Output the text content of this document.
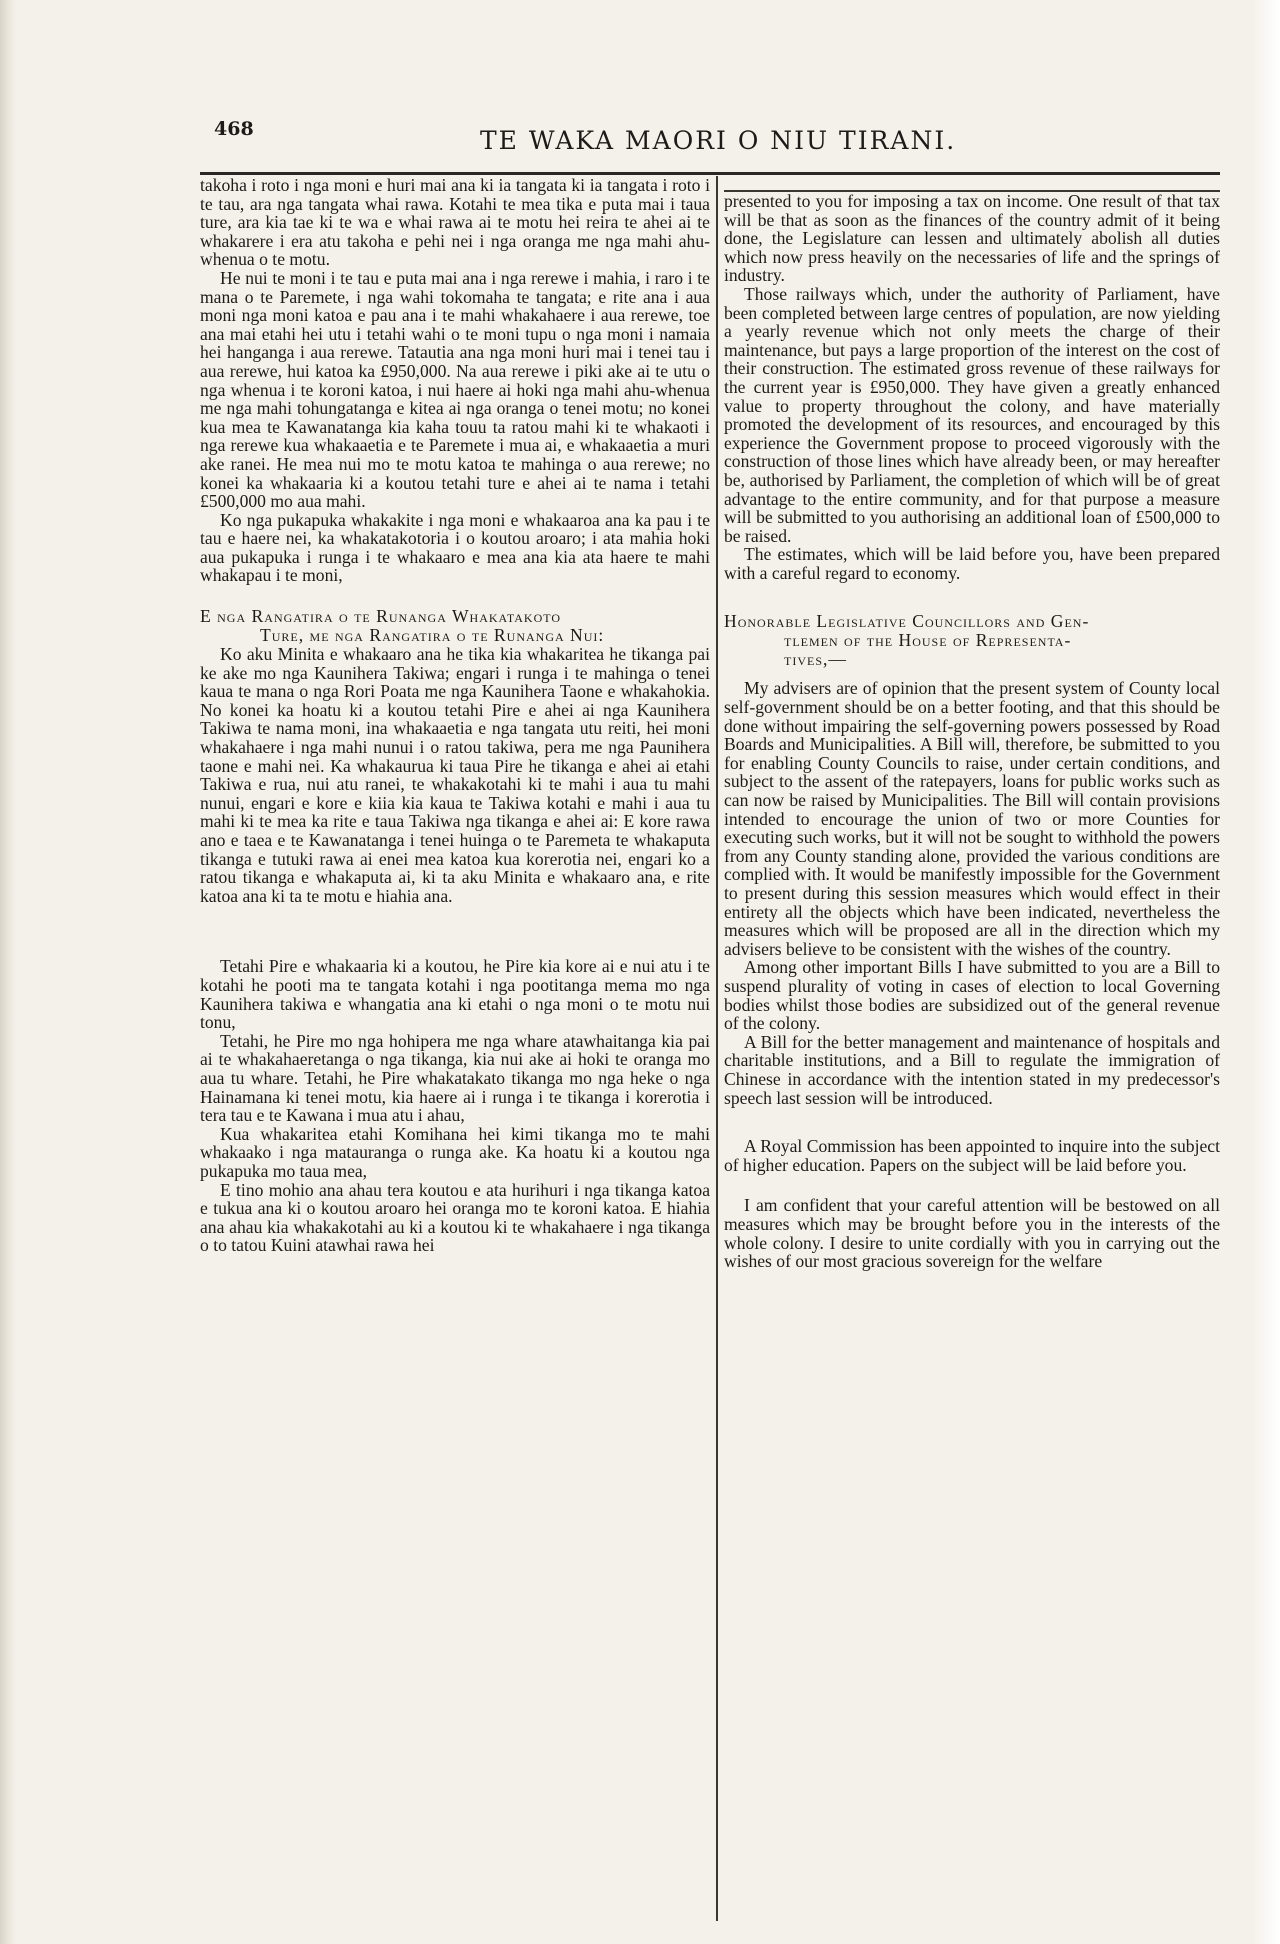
468	TE WAKA MAORI O NIU TIRANI.

takoha i roto i nga moni e huri mai ana ki ia tangata ki ia tangata i roto i te tau, ara nga tangata whai rawa. Kotahi te mea tika e puta mai i taua ture, ara kia tae ki te wa e whai rawa ai te motu hei reira te ahei ai te whakarere i era atu takoha e pehi nei i nga oranga me nga mahi ahu-whenua o te motu.

He nui te moni i te tau e puta mai ana i nga rerewe i mahia, i raro i te mana o te Paremete, i nga wahi tokomaha te tangata; e rite ana i aua moni nga moni katoa e pau ana i te mahi whakahaere i aua rerewe, toe ana mai etahi hei utu i tetahi wahi o te moni tupu o nga moni i namaia hei hanganga i aua rerewe. Tatautia ana nga moni huri mai i tenei tau i aua rerewe, hui katoa ka £950,000. Na aua rerewe i piki ake ai te utu o nga whenua i te koroni katoa, i nui haere ai hoki nga mahi ahu-whenua me nga mahi tohungatanga e kitea ai nga oranga o tenei motu; no konei kua mea te Kawanatanga kia kaha touu ta ratou mahi ki te whakaoti i nga rerewe kua whakaaetia e te Paremete i mua ai, e whakaaetia a muri ake ranei. He mea nui mo te motu katoa te mahinga o aua rerewe; no konei ka whakaaria ki a koutou tetahi ture e ahei ai te nama i tetahi £500,000 mo aua mahi.

Ko nga pukapuka whakakite i nga moni e whakaaroa ana ka pau i te tau e haere nei, ka whakatakotoria i o koutou aroaro; i ata mahia hoki aua pukapuka i runga i te whakaaro e mea ana kia ata haere te mahi whakapau i te moni,

E nga Rangatira o te Runanga Whakatakoto
Ture, me nga Rangatira o te Runanga Nui:

Ko aku Minita e whakaaro ana he tika kia whakaritea he tikanga pai ke ake mo nga Kaunihera Takiwa; engari i runga i te mahinga o tenei kaua te mana o nga Rori Poata me nga Kaunihera Taone e whakahokia. No konei ka hoatu ki a koutou tetahi Pire e ahei ai nga Kaunihera Takiwa te nama moni, ina whakaaetia e nga tangata utu reiti, hei moni whakahaere i nga mahi nunui i o ratou takiwa, pera me nga Paunihera taone e mahi nei. Ka whakaurua ki taua Pire he tikanga e ahei ai etahi Takiwa e rua, nui atu ranei, te whakakotahi ki te mahi i aua tu mahi nunui, engari e kore e kiia kia kaua te Takiwa kotahi e mahi i aua tu mahi ki te mea ka rite e taua Takiwa nga tikanga e ahei ai: E kore rawa ano e taea e te Kawanatanga i tenei huinga o te Paremeta te whakaputa tikanga e tutuki rawa ai enei mea katoa kua korerotia nei, engari ko a ratou tikanga e whakaputa ai, ki ta aku Minita e whakaaro ana, e rite katoa ana ki ta te motu e hiahia ana.

Tetahi Pire e whakaaria ki a koutou, he Pire kia kore ai e nui atu i te kotahi he pooti ma te tangata kotahi i nga pootitanga mema mo nga Kaunihera takiwa e whangatia ana ki etahi o nga moni o te motu nui tonu,

Tetahi, he Pire mo nga hohipera me nga whare atawhaitanga kia pai ai te whakahaeretanga o nga tikanga, kia nui ake ai hoki te oranga mo aua tu whare. Tetahi, he Pire whakatakato tikanga mo nga heke o nga Hainamana ki tenei motu, kia haere ai i runga i te tikanga i korerotia i tera tau e te Kawana i mua atu i ahau,

Kua whakaritea etahi Komihana hei kimi tikanga mo te mahi whakaako i nga matauranga o runga ake. Ka hoatu ki a koutou nga pukapuka mo taua mea,

E tino mohio ana ahau tera koutou e ata hurihuri i nga tikanga katoa e tukua ana ki o koutou aroaro hei oranga mo te koroni katoa. E hiahia ana ahau kia whakakotahi au ki a koutou ki te whakahaere i nga tikanga o to tatou Kuini atawhai rawa hei

presented to you for imposing a tax on income. One result of that tax will be that as soon as the finances of the country admit of it being done, the Legislature can lessen and ultimately abolish all duties which now press heavily on the necessaries of life and the springs of industry.

Those railways which, under the authority of Parliament, have been completed between large centres of population, are now yielding a yearly revenue which not only meets the charge of their maintenance, but pays a large proportion of the interest on the cost of their construction. The estimated gross revenue of these railways for the current year is £950,000. They have given a greatly enhanced value to property throughout the colony, and have materially promoted the development of its resources, and encouraged by this experience the Government propose to proceed vigorously with the construction of those lines which have already been, or may hereafter be, authorised by Parliament, the completion of which will be of great advantage to the entire community, and for that purpose a measure will be submitted to you authorising an additional loan of £500,000 to be raised.

The estimates, which will be laid before you, have been prepared with a careful regard to economy.

Honorable Legislative Councillors and Gen-
tlemen of the House of Representa-
tives,—

My advisers are of opinion that the present system of County local self-government should be on a better footing, and that this should be done without impairing the self-governing powers possessed by Road Boards and Municipalities. A Bill will, therefore, be submitted to you for enabling County Councils to raise, under certain conditions, and subject to the assent of the ratepayers, loans for public works such as can now be raised by Municipalities. The Bill will contain provisions intended to encourage the union of two or more Counties for executing such works, but it will not be sought to withhold the powers from any County standing alone, provided the various conditions are complied with. It would be manifestly impossible for the Government to present during this session measures which would effect in their entirety all the objects which have been indicated, nevertheless the measures which will be proposed are all in the direction which my advisers believe to be consistent with the wishes of the country.

Among other important Bills I have submitted to you are a Bill to suspend plurality of voting in cases of election to local Governing bodies whilst those bodies are subsidized out of the general revenue of the colony.

A Bill for the better management and maintenance of hospitals and charitable institutions, and a Bill to regulate the immigration of Chinese in accordance with the intention stated in my predecessor's speech last session will be introduced.

A Royal Commission has been appointed to inquire into the subject of higher education. Papers on the subject will be laid before you.

I am confident that your careful attention will be bestowed on all measures which may be brought before you in the interests of the whole colony. I desire to unite cordially with you in carrying out the wishes of our most gracious sovereign for the welfare
